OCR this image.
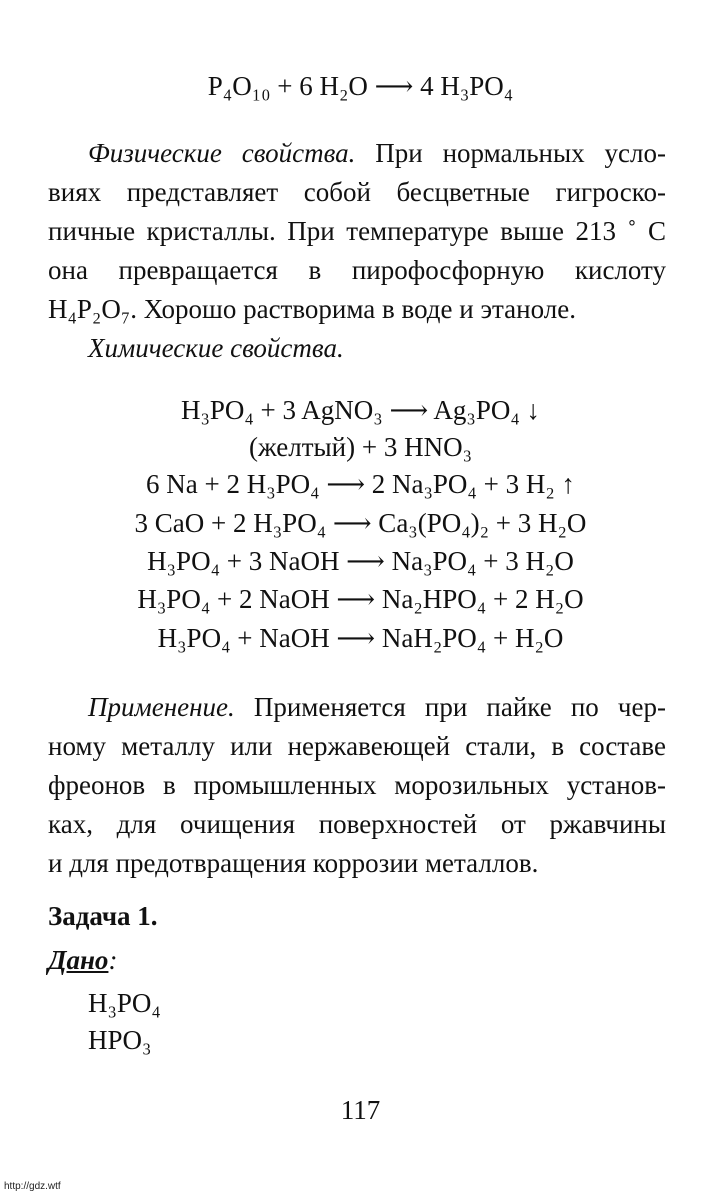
P₄O₁₀ + 6 H₂O ⟶ 4 H₃PO₄
Физические свойства. При нормальных усло-
виях представляет собой бесцветные гигроско-
пичные кристаллы. При температуре выше 213 ˚ С
она превращается в пирофосфорную кислоту
H₄P₂O₇. Хорошо растворима в воде и этаноле.
Химические свойства.
H₃PO₄ + 3 AgNO₃ ⟶ Ag₃PO₄ ↓
(желтый) + 3 HNO₃
6 Na + 2 H₃PO₄ ⟶ 2 Na₃PO₄ + 3 H₂ ↑
3 CaO + 2 H₃PO₄ ⟶ Ca₃(PO₄)₂ + 3 H₂O
H₃PO₄ + 3 NaOH ⟶ Na₃PO₄ + 3 H₂O
H₃PO₄ + 2 NaOH ⟶ Na₂HPO₄ + 2 H₂O
H₃PO₄ + NaOH ⟶ NaH₂PO₄ + H₂O
Применение. Применяется при пайке по чер-
ному металлу или нержавеющей стали, в составе
фреонов в промышленных морозильных установ-
ках, для очищения поверхностей от ржавчины
и для предотвращения коррозии металлов.
Задача 1.
Дано:
H₃PO₄
HPO₃
117
http://gdz.wtf
